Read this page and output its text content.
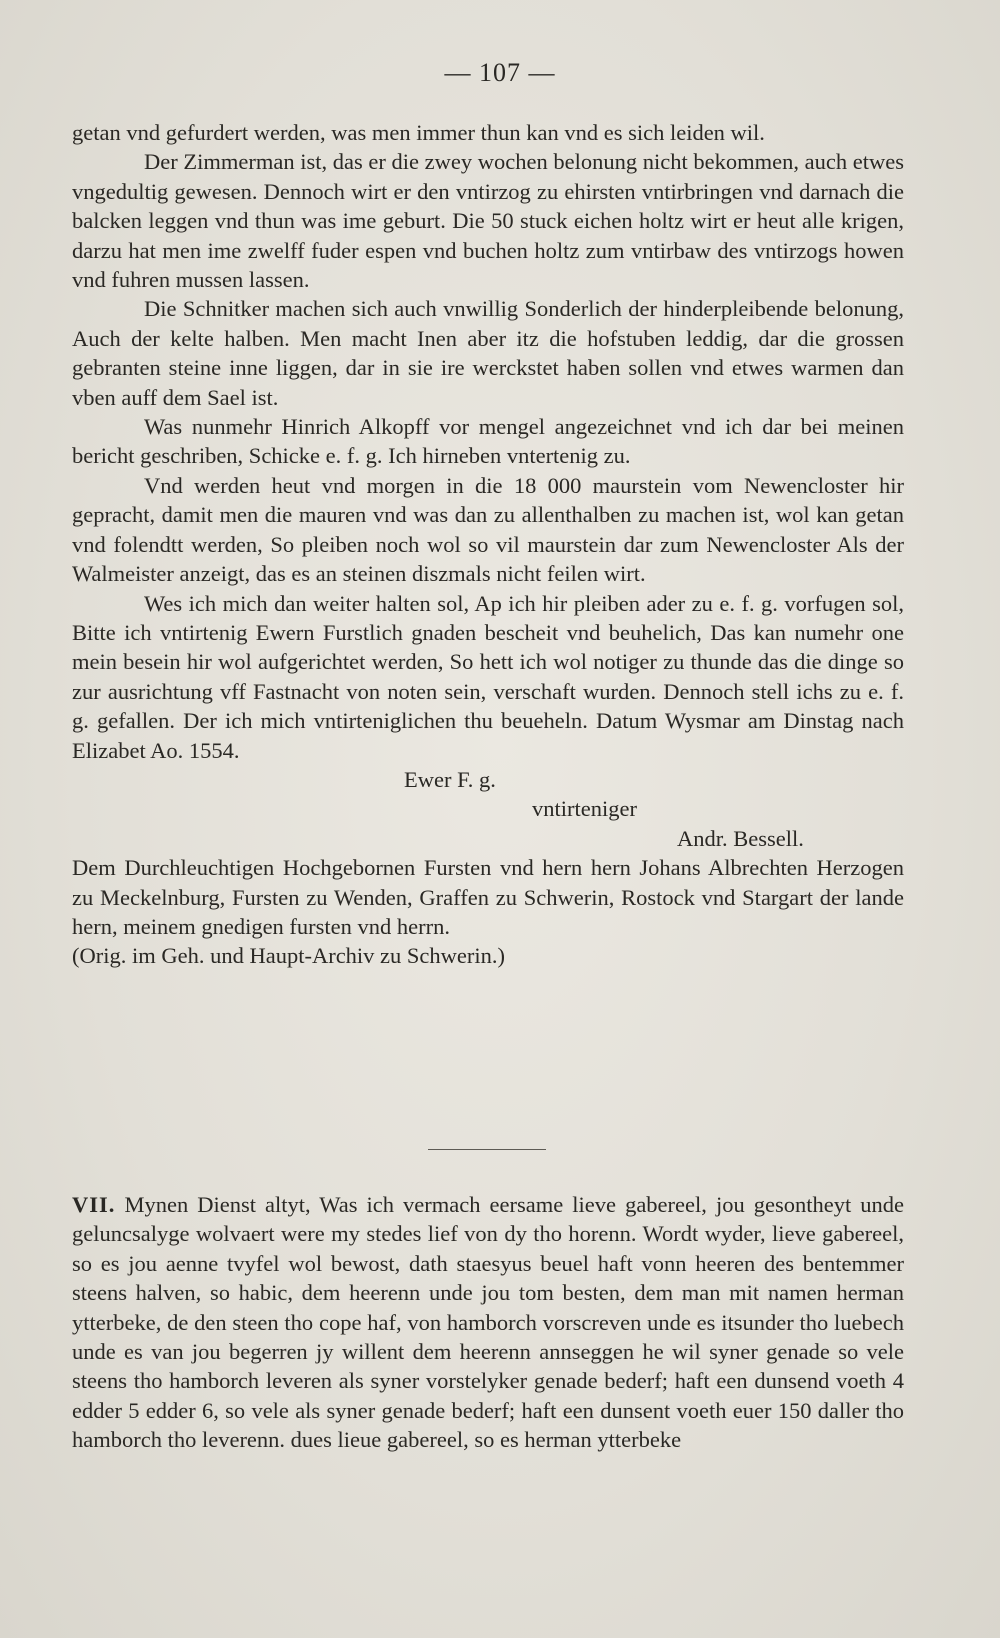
— 107 —

getan vnd gefurdert werden, was men immer thun kan vnd es sich leiden wil.

Der Zimmerman ist, das er die zwey wochen belonung nicht bekommen, auch etwes vngedultig gewesen. Dennoch wirt er den vntirzog zu ehirsten vntirbringen vnd darnach die balcken leggen vnd thun was ime geburt. Die 50 stuck eichen holtz wirt er heut alle krigen, darzu hat men ime zwelff fuder espen vnd buchen holtz zum vntirbaw des vntirzogs howen vnd fuhren mussen lassen.

Die Schnitker machen sich auch vnwillig Sonderlich der hinderpleibende belonung, Auch der kelte halben. Men macht Inen aber itz die hofstuben leddig, dar die grossen gebranten steine inne liggen, dar in sie ire werckstet haben sollen vnd etwes warmen dan vben auff dem Sael ist.

Was nunmehr Hinrich Alkopff vor mengel angezeichnet vnd ich dar bei meinen bericht geschriben, Schicke e. f. g. Ich hirneben vntertenig zu.

Vnd werden heut vnd morgen in die 18 000 maurstein vom Newencloster hir gepracht, damit men die mauren vnd was dan zu allenthalben zu machen ist, wol kan getan vnd folendtt werden, So pleiben noch wol so vil maurstein dar zum Newencloster Als der Walmeister anzeigt, das es an steinen diszmals nicht feilen wirt.

Wes ich mich dan weiter halten sol, Ap ich hir pleiben ader zu e. f. g. vorfugen sol, Bitte ich vntirtenig Ewern Furstlich gnaden bescheit vnd beuhelich, Das kan numehr one mein besein hir wol aufgerichtet werden, So hett ich wol notiger zu thunde das die dinge so zur ausrichtung vff Fastnacht von noten sein, verschaft wurden. Dennoch stell ichs zu e. f. g. gefallen. Der ich mich vntirteniglichen thu beueheln. Datum Wysmar am Dinstag nach Elizabet Ao. 1554.

Ewer F. g.
vntirteniger
Andr. Bessell.

Dem Durchleuchtigen Hochgebornen Fursten vnd hern hern Johans Albrechten Herzogen zu Meckelnburg, Fursten zu Wenden, Graffen zu Schwerin, Rostock vnd Stargart der lande hern, meinem gnedigen fursten vnd herrn.

(Orig. im Geh. und Haupt-Archiv zu Schwerin.)

VII. Mynen Dienst altyt, Was ich vermach eersame lieve gabereel, jou gesontheyt unde geluncsalyge wolvaert were my stedes lief von dy tho horenn. Wordt wyder, lieve gabereel, so es jou aenne tvyfel wol bewost, dath staesyus beuel haft vonn heeren des bentemmer steens halven, so habic, dem heerenn unde jou tom besten, dem man mit namen herman ytterbeke, de den steen tho cope haf, von hamborch vorscreven unde es itsunder tho luebech unde es van jou begerren jy willent dem heerenn annseggen he wil syner genade so vele steens tho hamborch leveren als syner vorstelyker genade bederf; haft een dunsend voeth 4 edder 5 edder 6, so vele als syner genade bederf; haft een dunsent voeth euer 150 daller tho hamborch tho leverenn. dues lieue gabereel, so es herman ytterbeke
